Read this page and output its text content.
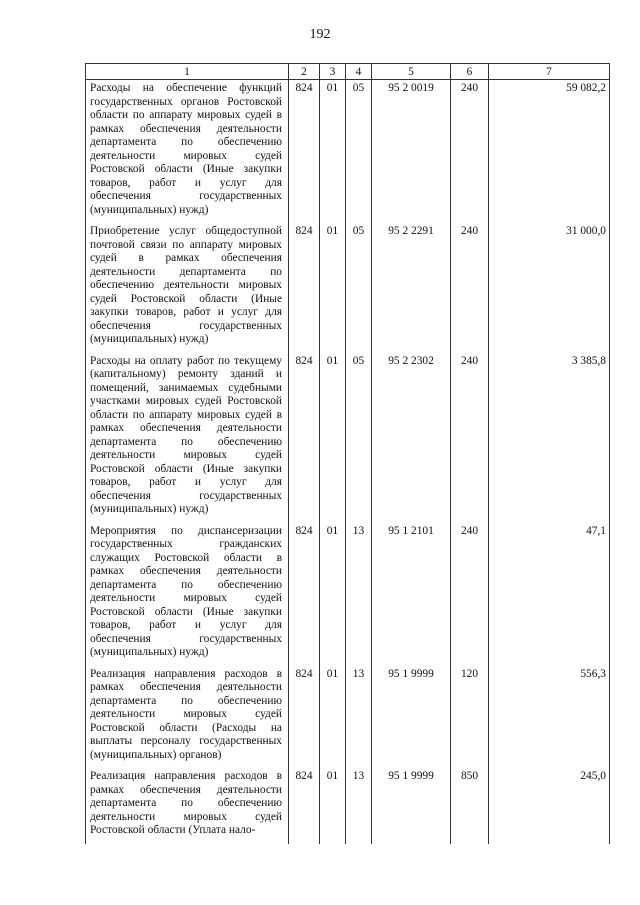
192
1	2	3	4	5	6	7
Расходы на обеспечение функций государственных органов Ростовской области по аппарату мировых судей в рамках обеспечения деятельности департамента по обеспечению деятельности мировых судей Ростовской области (Иные закупки товаров, работ и услуг для обеспечения государственных (муниципальных) нужд)	824	01	05	95 2 0019	240	59 082,2
Приобретение услуг общедоступной почтовой связи по аппарату мировых судей в рамках обеспечения деятельности департамента по обеспечению деятельности мировых судей Ростовской области (Иные закупки товаров, работ и услуг для обеспечения государственных (муниципальных) нужд)	824	01	05	95 2 2291	240	31 000,0
Расходы на оплату работ по текущему (капитальному) ремонту зданий и помещений, занимаемых судебными участками мировых судей Ростовской области по аппарату мировых судей в рамках обеспечения деятельности департамента по обеспечению деятельности мировых судей Ростовской области (Иные закупки товаров, работ и услуг для обеспечения государственных (муниципальных) нужд)	824	01	05	95 2 2302	240	3 385,8
Мероприятия по диспансеризации государственных гражданских служащих Ростовской области в рамках обеспечения деятельности департамента по обеспечению деятельности мировых судей Ростовской области (Иные закупки товаров, работ и услуг для обеспечения государственных (муниципальных) нужд)	824	01	13	95 1 2101	240	47,1
Реализация направления расходов в рамках обеспечения деятельности департамента по обеспечению деятельности мировых судей Ростовской области (Расходы на выплаты персоналу государственных (муниципальных) органов)	824	01	13	95 1 9999	120	556,3
Реализация направления расходов в рамках обеспечения деятельности департамента по обеспечению деятельности мировых судей Ростовской области (Уплата нало-	824	01	13	95 1 9999	850	245,0
